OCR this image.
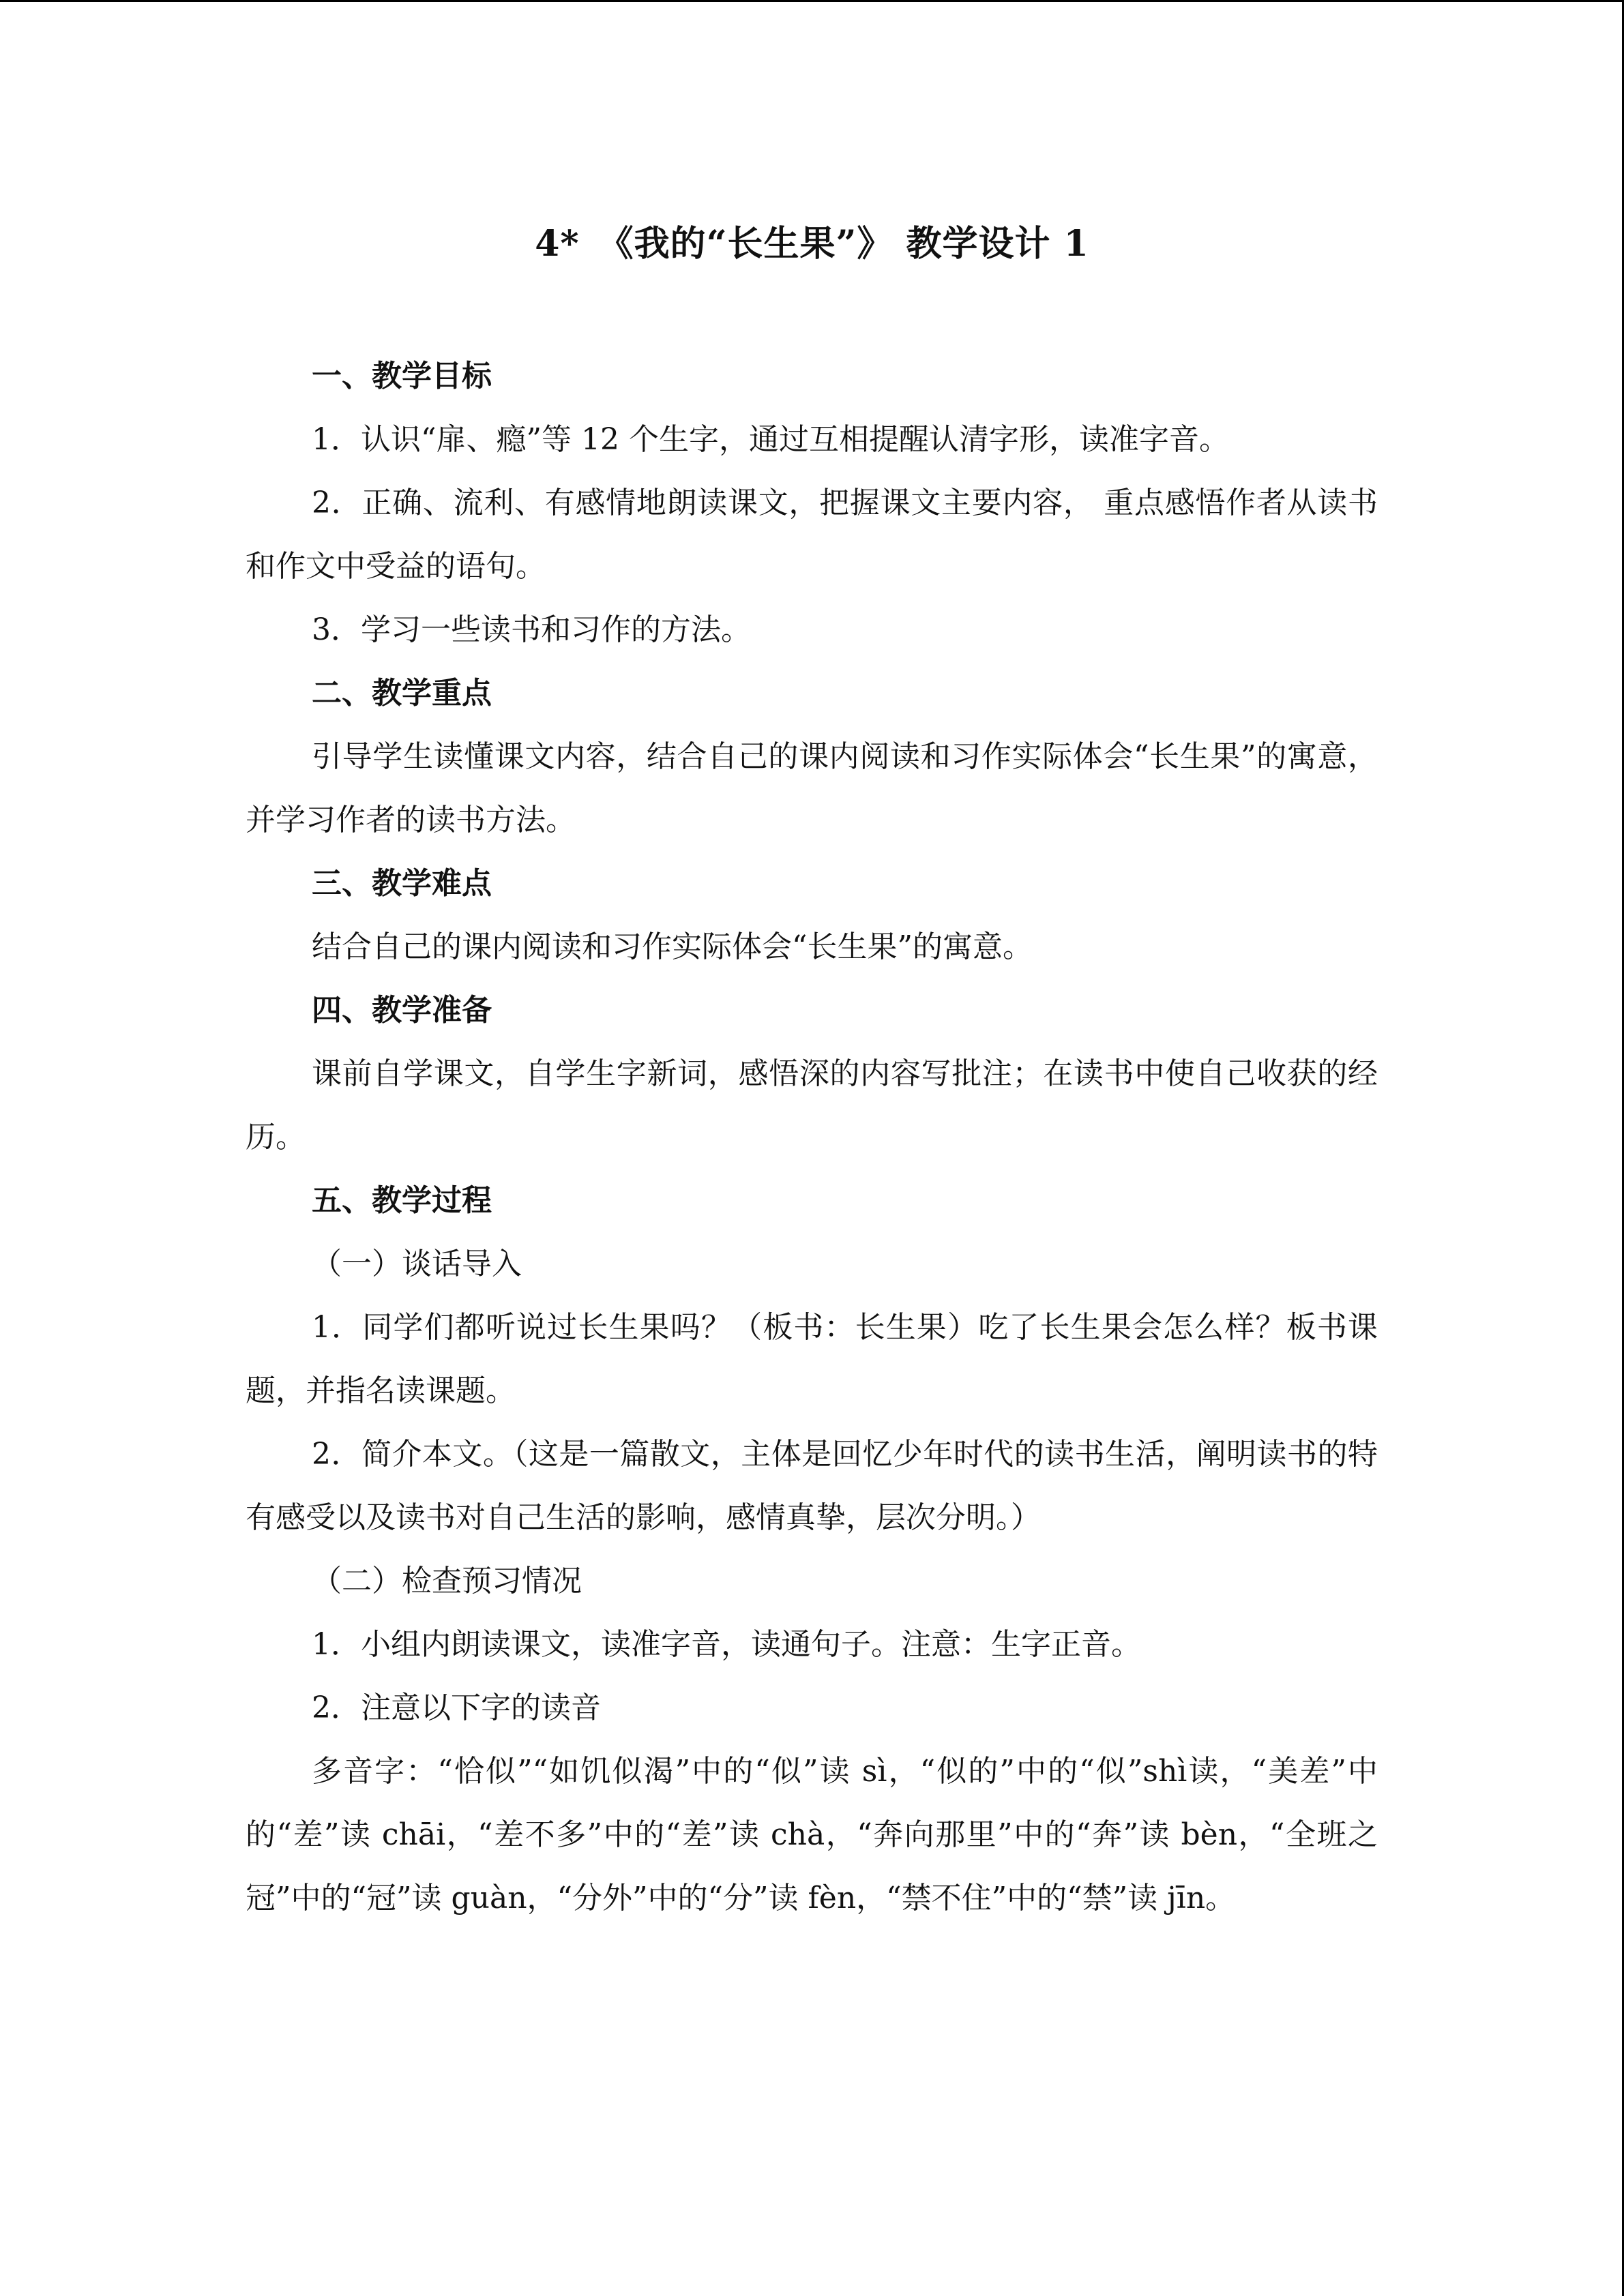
4*　《我的“长生果”》 教学设计 1

一、教学目标

1．认识“扉、瘾”等 12 个生字，通过互相提醒认清字形，读准字音。

2．正确、流利、有感情地朗读课文，把握课文主要内容， 重点感悟作者从读书和作文中受益的语句。

3．学习一些读书和习作的方法。

二、教学重点

引导学生读懂课文内容，结合自己的课内阅读和习作实际体会“长生果”的寓意，并学习作者的读书方法。

三、教学难点

结合自己的课内阅读和习作实际体会“长生果”的寓意。

四、教学准备

课前自学课文，自学生字新词，感悟深的内容写批注；在读书中使自己收获的经历。

五、教学过程

（一）谈话导入

1．同学们都听说过长生果吗？（板书：长生果）吃了长生果会怎么样？板书课题，并指名读课题。

2．简介本文。（这是一篇散文，主体是回忆少年时代的读书生活，阐明读书的特有感受以及读书对自己生活的影响，感情真挚，层次分明。）

（二）检查预习情况

1．小组内朗读课文，读准字音，读通句子。注意：生字正音。

2．注意以下字的读音

多音字：“恰似”“如饥似渴”中的“似”读 sì，“似的”中的“似”shì读，“美差”中的“差”读 chāi，“差不多”中的“差”读 chà，“奔向那里”中的“奔”读 bèn，“全班之冠”中的“冠”读 guàn，“分外”中的“分”读 fèn，“禁不住”中的“禁”读 jīn。
